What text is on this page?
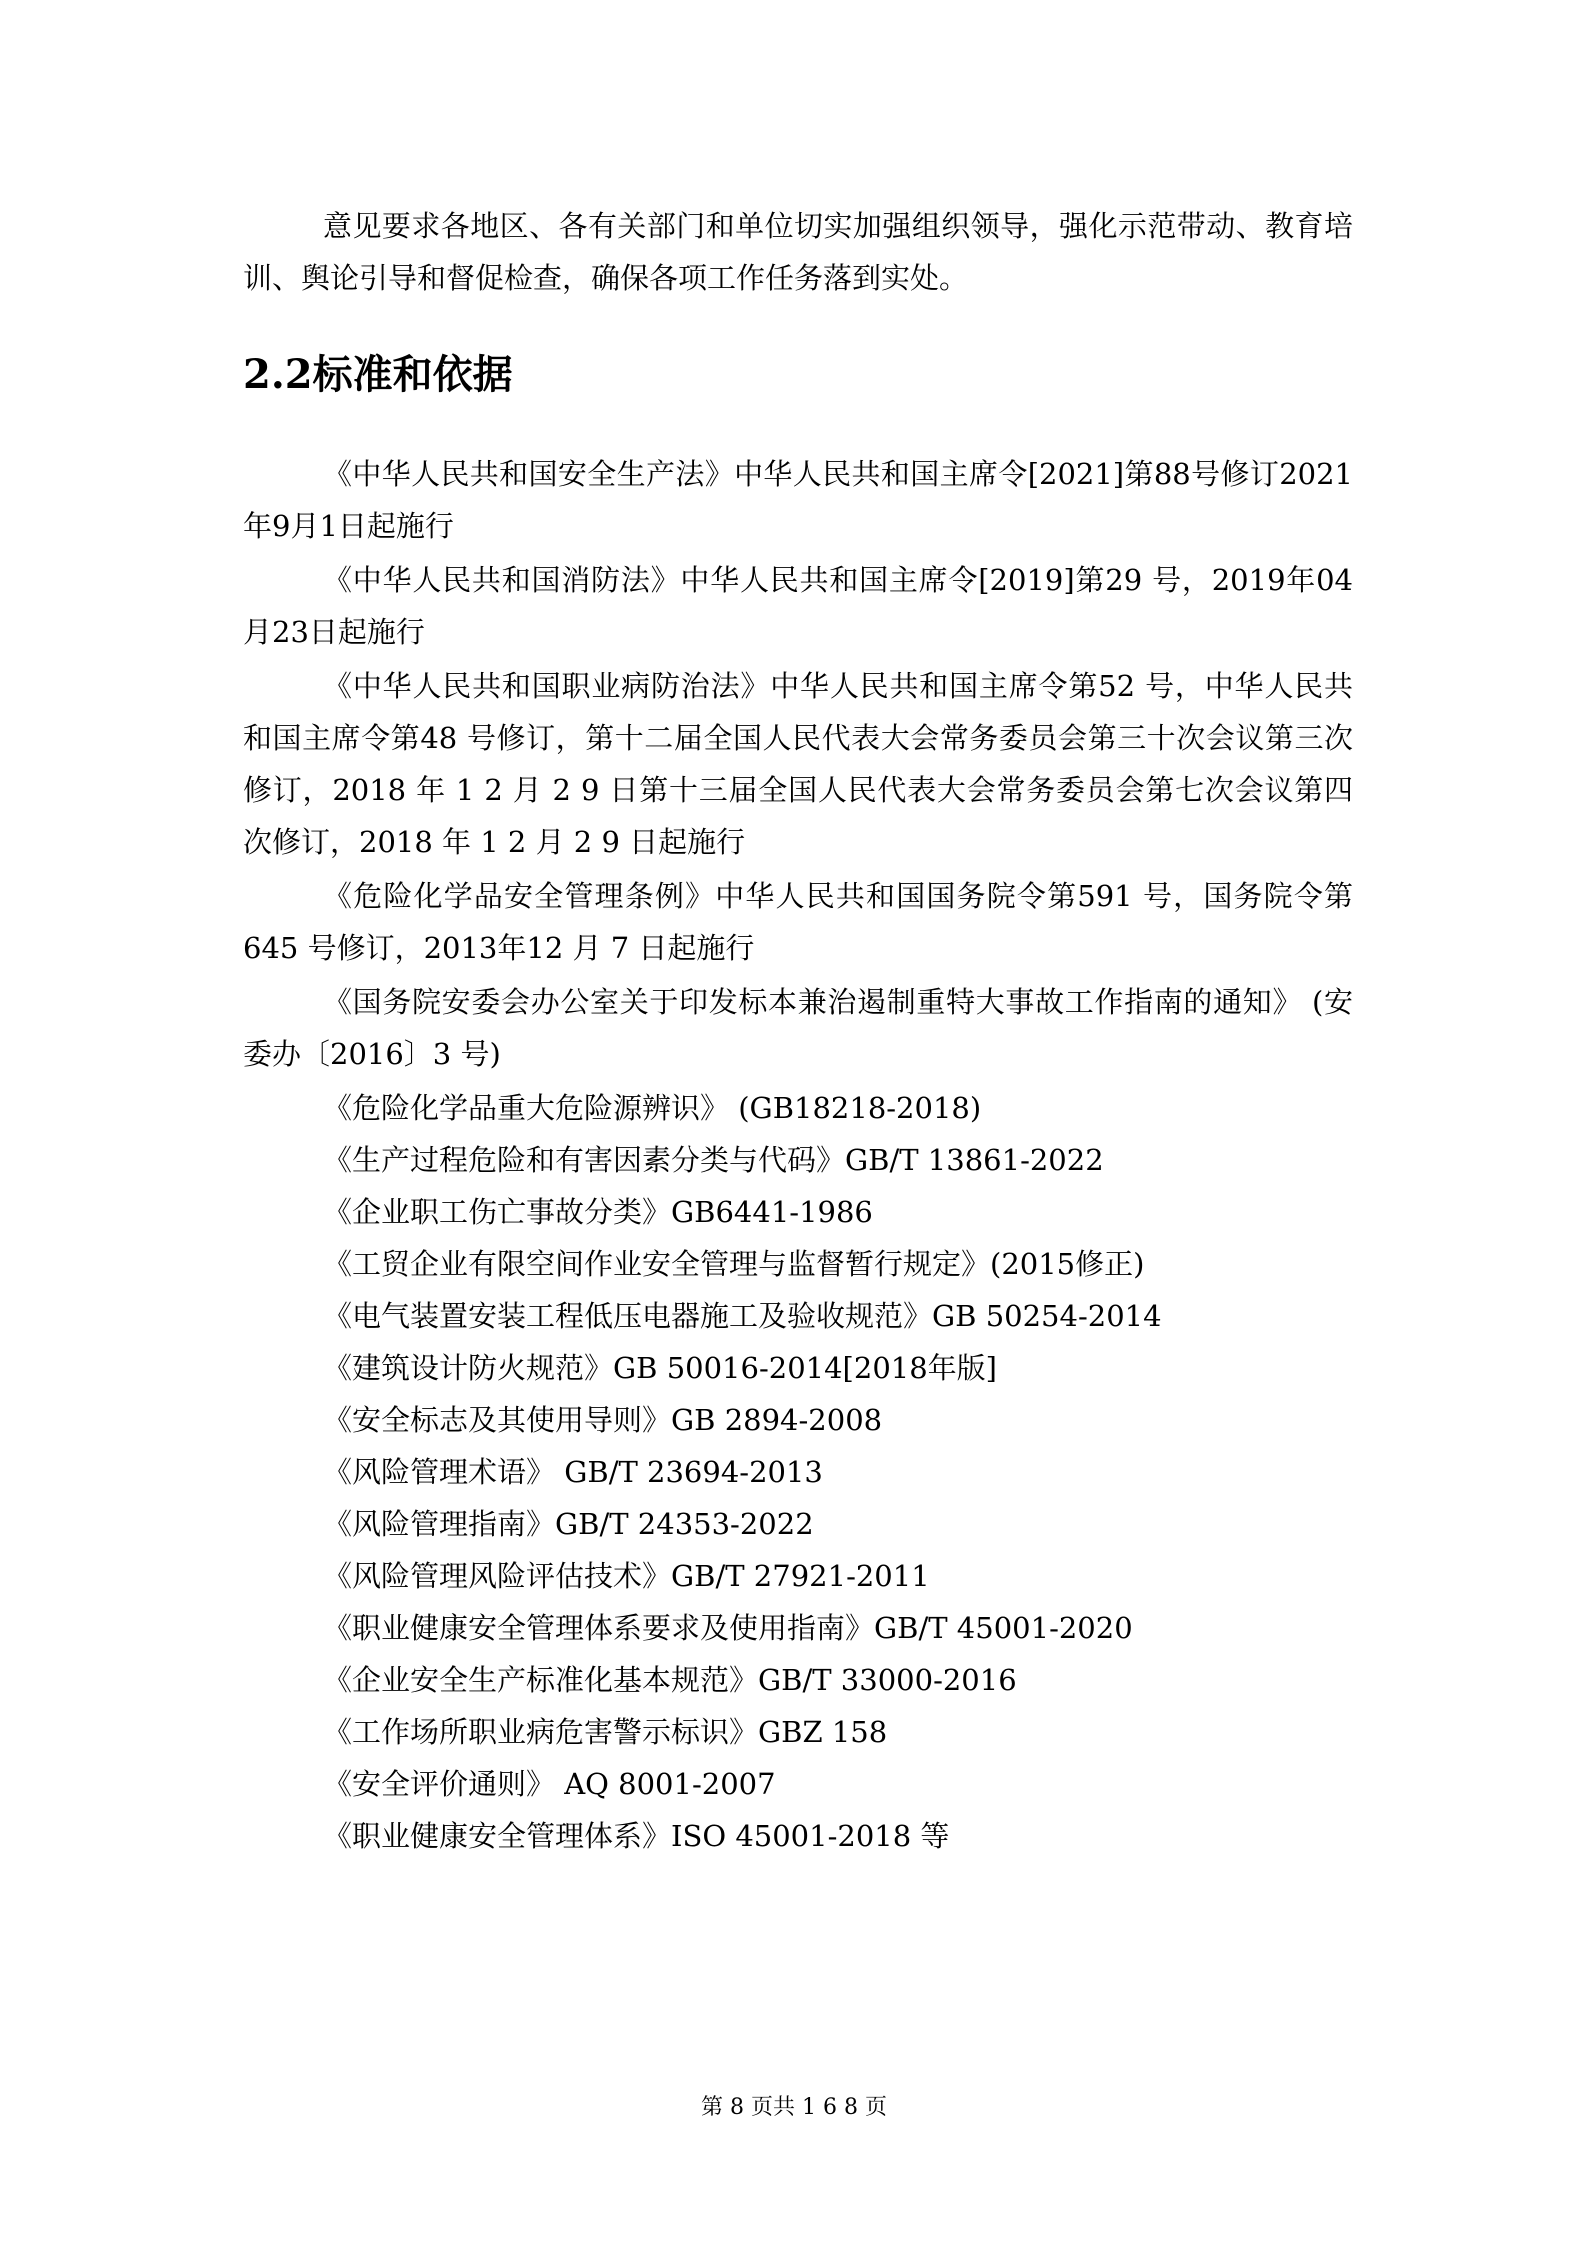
意见要求各地区、各有关部门和单位切实加强组织领导，强化示范带动、教育培训、舆论引导和督促检查，确保各项工作任务落到实处。

2.2标准和依据

《中华人民共和国安全生产法》中华人民共和国主席令[2021]第88号修订2021 年9月1日起施行

《中华人民共和国消防法》中华人民共和国主席令[2019]第29 号，2019年04月23日起施行

《中华人民共和国职业病防治法》中华人民共和国主席令第52 号，中华人民共和国主席令第48 号修订，第十二届全国人民代表大会常务委员会第三十次会议第三次修订，2018 年 1 2 月 2 9 日第十三届全国人民代表大会常务委员会第七次会议第四次修订，2018 年 1 2 月 2 9 日起施行

《危险化学品安全管理条例》中华人民共和国国务院令第591 号，国务院令第645 号修订，2013年12 月 7 日起施行

《国务院安委会办公室关于印发标本兼治遏制重特大事故工作指南的通知》 (安委办〔2016〕3 号)

《危险化学品重大危险源辨识》 (GB18218-2018)

《生产过程危险和有害因素分类与代码》GB/T 13861-2022

《企业职工伤亡事故分类》GB6441-1986

《工贸企业有限空间作业安全管理与监督暂行规定》(2015修正)

《电气装置安装工程低压电器施工及验收规范》GB 50254-2014

《建筑设计防火规范》GB 50016-2014[2018年版]

《安全标志及其使用导则》GB 2894-2008

《风险管理术语》 GB/T 23694-2013

《风险管理指南》GB/T 24353-2022

《风险管理风险评估技术》GB/T 27921-2011

《职业健康安全管理体系要求及使用指南》GB/T 45001-2020

《企业安全生产标准化基本规范》GB/T 33000-2016

《工作场所职业病危害警示标识》GBZ 158

《安全评价通则》 AQ 8001-2007

《职业健康安全管理体系》ISO 45001-2018 等

第 8 页共 1 6 8 页
